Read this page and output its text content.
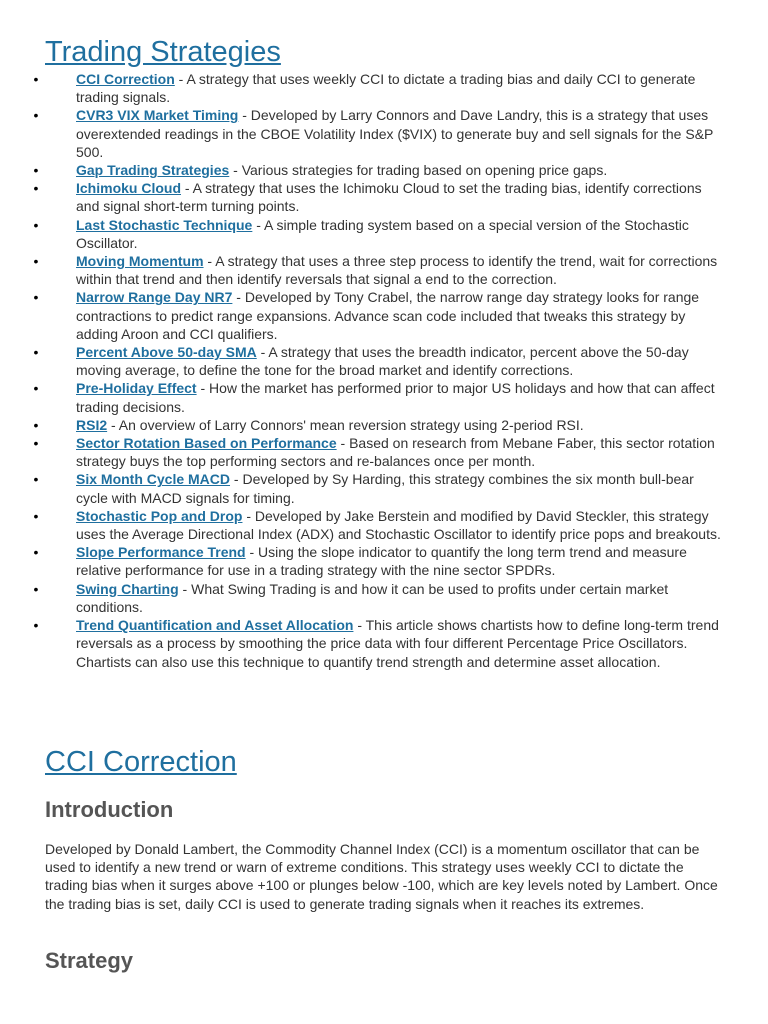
Trading Strategies
•	CCI Correction - A strategy that uses weekly CCI to dictate a trading bias and daily CCI to generate trading signals.
•	CVR3 VIX Market Timing - Developed by Larry Connors and Dave Landry, this is a strategy that uses overextended readings in the CBOE Volatility Index ($VIX) to generate buy and sell signals for the S&P 500.
•	Gap Trading Strategies - Various strategies for trading based on opening price gaps.
•	Ichimoku Cloud - A strategy that uses the Ichimoku Cloud to set the trading bias, identify corrections and signal short-term turning points.
•	Last Stochastic Technique - A simple trading system based on a special version of the Stochastic Oscillator.
•	Moving Momentum - A strategy that uses a three step process to identify the trend, wait for corrections within that trend and then identify reversals that signal a end to the correction.
•	Narrow Range Day NR7 - Developed by Tony Crabel, the narrow range day strategy looks for range contractions to predict range expansions. Advance scan code included that tweaks this strategy by adding Aroon and CCI qualifiers.
•	Percent Above 50-day SMA - A strategy that uses the breadth indicator, percent above the 50-day moving average, to define the tone for the broad market and identify corrections.
•	Pre-Holiday Effect - How the market has performed prior to major US holidays and how that can affect trading decisions.
•	RSI2 - An overview of Larry Connors' mean reversion strategy using 2-period RSI.
•	Sector Rotation Based on Performance - Based on research from Mebane Faber, this sector rotation strategy buys the top performing sectors and re-balances once per month.
•	Six Month Cycle MACD - Developed by Sy Harding, this strategy combines the six month bull-bear cycle with MACD signals for timing.
•	Stochastic Pop and Drop - Developed by Jake Berstein and modified by David Steckler, this strategy uses the Average Directional Index (ADX) and Stochastic Oscillator to identify price pops and breakouts.
•	Slope Performance Trend - Using the slope indicator to quantify the long term trend and measure relative performance for use in a trading strategy with the nine sector SPDRs.
•	Swing Charting - What Swing Trading is and how it can be used to profits under certain market conditions.
•	Trend Quantification and Asset Allocation - This article shows chartists how to define long-term trend reversals as a process by smoothing the price data with four different Percentage Price Oscillators. Chartists can also use this technique to quantify trend strength and determine asset allocation.
CCI Correction
Introduction

Developed by Donald Lambert, the Commodity Channel Index (CCI) is a momentum oscillator that can be used to identify a new trend or warn of extreme conditions. This strategy uses weekly CCI to dictate the trading bias when it surges above +100 or plunges below -100, which are key levels noted by Lambert. Once the trading bias is set, daily CCI is used to generate trading signals when it reaches its extremes.

Strategy
